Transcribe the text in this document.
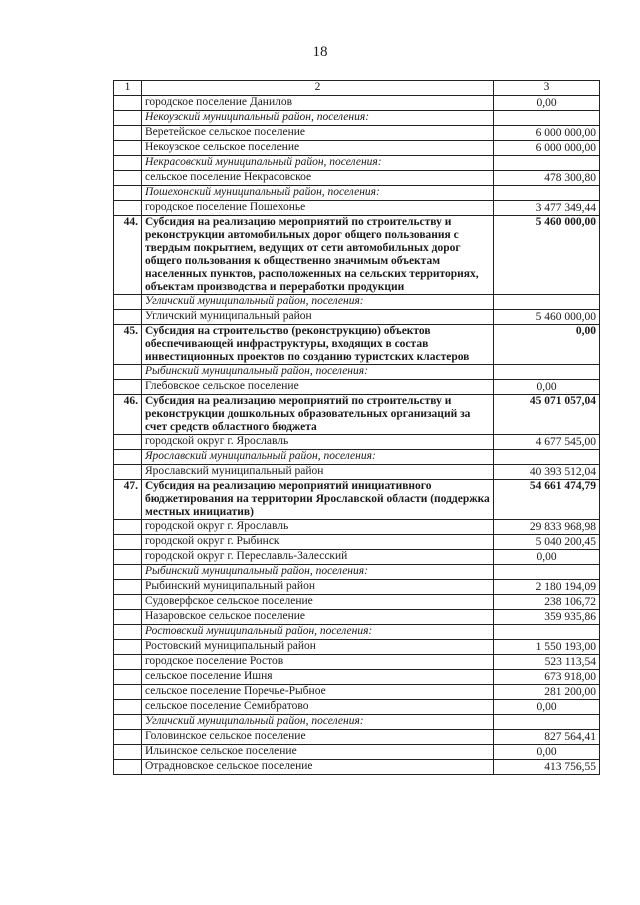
18
1	2	3
	городское поселение Данилов	0,00
	Некоузский муниципальный район, поселения:	
	Веретейское сельское поселение	6 000 000,00
	Некоузское сельское поселение	6 000 000,00
	Некрасовский муниципальный район, поселения:	
	сельское поселение Некрасовское	478 300,80
	Пошехонский муниципальный район, поселения:	
	городское поселение Пошехонье	3 477 349,44
44.	Субсидия на реализацию мероприятий по строительству и реконструкции автомобильных дорог общего пользования с твердым покрытием, ведущих от сети автомобильных дорог общего пользования к общественно значимым объектам населенных пунктов, расположенных на сельских территориях, объектам производства и переработки продукции	5 460 000,00
	Угличский муниципальный район, поселения:	
	Угличский муниципальный район	5 460 000,00
45.	Субсидия на строительство (реконструкцию) объектов обеспечивающей инфраструктуры, входящих в состав инвестиционных проектов по созданию туристских кластеров	0,00
	Рыбинский муниципальный район, поселения:	
	Глебовское сельское поселение	0,00
46.	Субсидия на реализацию мероприятий по строительству и реконструкции дошкольных образовательных организаций за счет средств областного бюджета	45 071 057,04
	городской округ г. Ярославль	4 677 545,00
	Ярославский муниципальный район, поселения:	
	Ярославский муниципальный район	40 393 512,04
47.	Субсидия на реализацию мероприятий инициативного бюджетирования на территории Ярославской области (поддержка местных инициатив)	54 661 474,79
	городской округ г. Ярославль	29 833 968,98
	городской округ г. Рыбинск	5 040 200,45
	городской округ г. Переславль-Залесский	0,00
	Рыбинский муниципальный район, поселения:	
	Рыбинский муниципальный район	2 180 194,09
	Судоверфское сельское поселение	238 106,72
	Назаровское сельское поселение	359 935,86
	Ростовский муниципальный район, поселения:	
	Ростовский муниципальный район	1 550 193,00
	городское поселение Ростов	523 113,54
	сельское поселение Ишня	673 918,00
	сельское поселение Поречье-Рыбное	281 200,00
	сельское поселение Семибратово	0,00
	Угличский муниципальный район, поселения:	
	Головинское сельское поселение	827 564,41
	Ильинское сельское поселение	0,00
	Отрадновское сельское поселение	413 756,55
